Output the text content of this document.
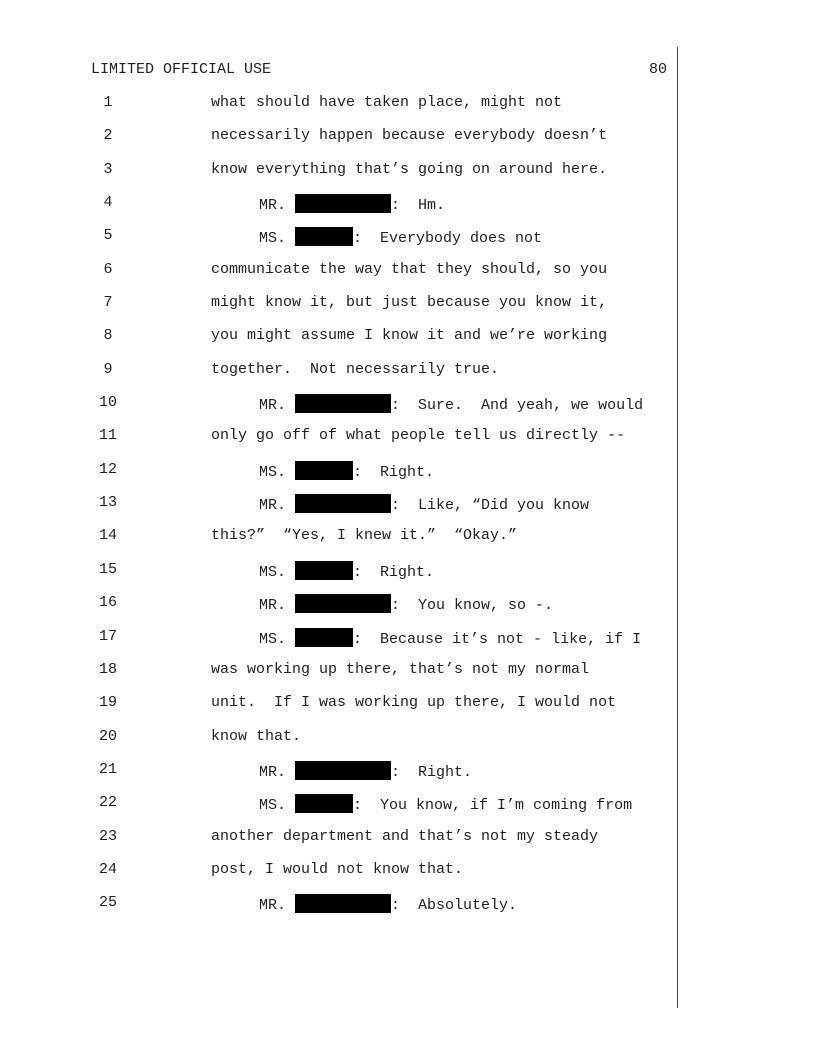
LIMITED OFFICIAL USE	80
1	what should have taken place, might not
2	necessarily happen because everybody doesn’t
3	know everything that’s going on around here.
4	MR.	:  Hm.
5	MS.	:  Everybody does not
6	communicate the way that they should, so you
7	might know it, but just because you know it,
8	you might assume I know it and we’re working
9	together.  Not necessarily true.
10	MR.	:  Sure.  And yeah, we would
11	only go off of what people tell us directly --
12	MS.	:  Right.
13	MR.	:  Like, “Did you know
14	this?”  “Yes, I knew it.”  “Okay.”
15	MS.	:  Right.
16	MR.	:  You know, so -.
17	MS.	:  Because it’s not - like, if I
18	was working up there, that’s not my normal
19	unit.  If I was working up there, I would not
20	know that.
21	MR.	:  Right.
22	MS.	:  You know, if I’m coming from
23	another department and that’s not my steady
24	post, I would not know that.
25	MR.	:  Absolutely.
